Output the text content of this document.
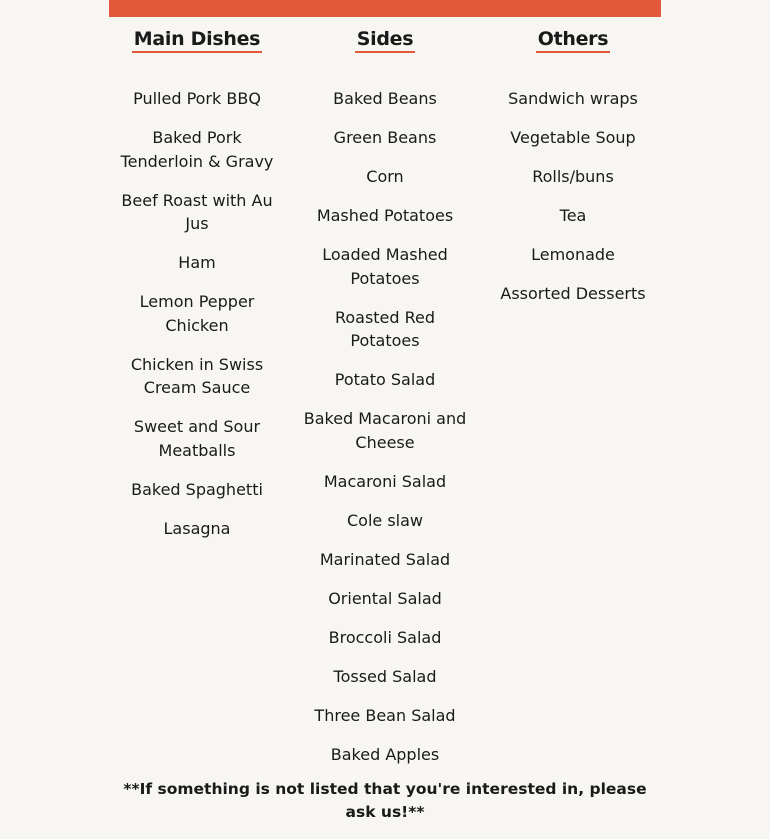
Main Dishes
Pulled Pork BBQ
Baked Pork Tenderloin & Gravy
Beef Roast with Au Jus
Ham
Lemon Pepper Chicken
Chicken in Swiss Cream Sauce
Sweet and Sour Meatballs
Baked Spaghetti
Lasagna
Sides
Baked Beans
Green Beans
Corn
Mashed Potatoes
Loaded Mashed Potatoes
Roasted Red Potatoes
Potato Salad
Baked Macaroni and Cheese
Macaroni Salad
Cole slaw
Marinated Salad
Oriental Salad
Broccoli Salad
Tossed Salad
Three Bean Salad
Baked Apples
Others
Sandwich wraps
Vegetable Soup
Rolls/buns
Tea
Lemonade
Assorted Desserts
**If something is not listed that you're interested in, please ask us!**
